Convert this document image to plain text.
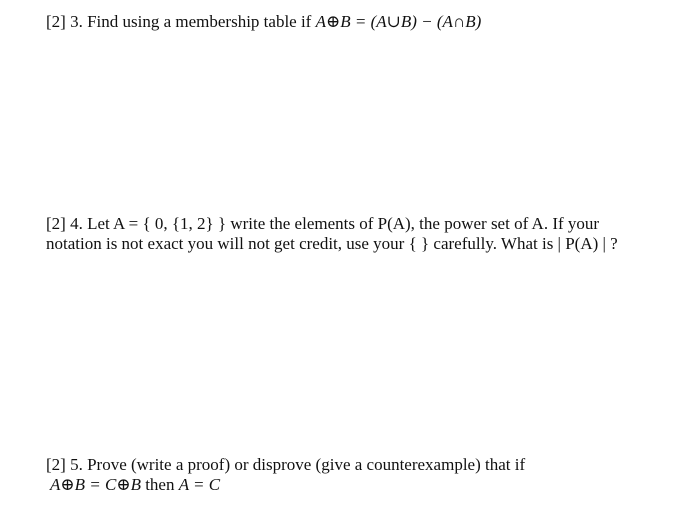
[2] 3. Find using a membership table if A⊕B = (A∪B) − (A∩B)
[2] 4. Let A = { 0, {1, 2} } write the elements of P(A), the power set of A. If your
notation is not exact you will not get credit, use your { } carefully. What is | P(A) | ?
[2] 5. Prove (write a proof) or disprove (give a counterexample) that if
A⊕B = C⊕B then A = C
